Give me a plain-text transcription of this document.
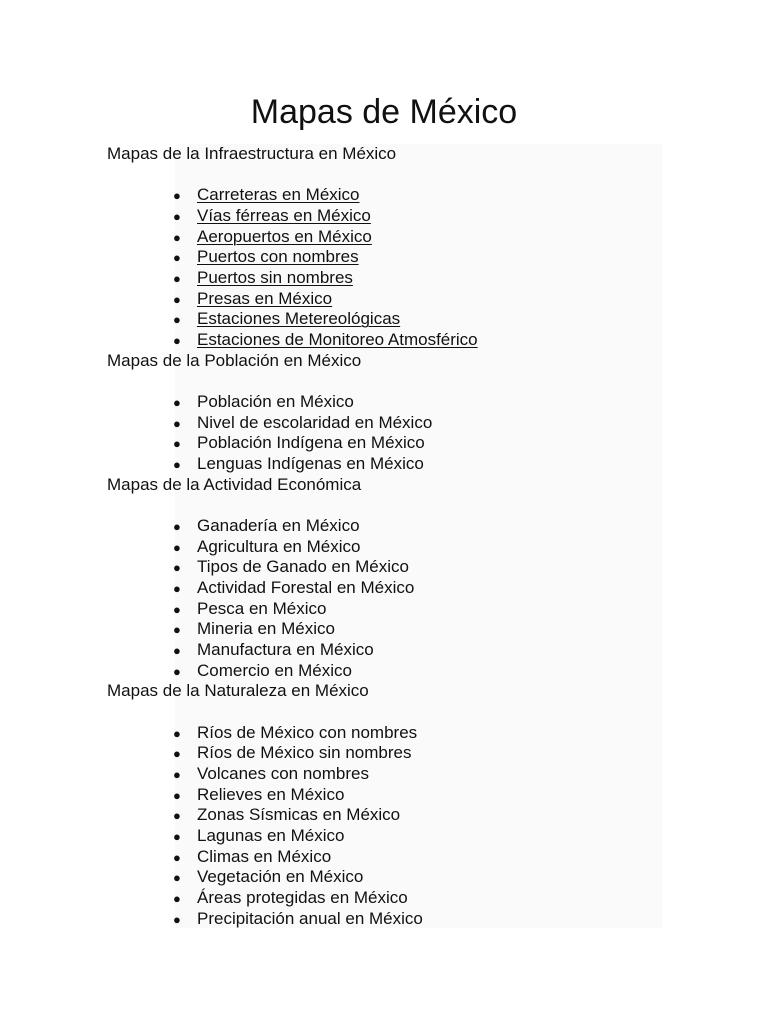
Mapas de México

Mapas de la Infraestructura en México

● Carreteras en México
● Vías férreas en México
● Aeropuertos en México
● Puertos con nombres
● Puertos sin nombres
● Presas en México
● Estaciones Metereológicas
● Estaciones de Monitoreo Atmosférico

Mapas de la Población en México

● Población en México
● Nivel de escolaridad en México
● Población Indígena en México
● Lenguas Indígenas en México

Mapas de la Actividad Económica

● Ganadería en México
● Agricultura en México
● Tipos de Ganado en México
● Actividad Forestal en México
● Pesca en México
● Mineria en México
● Manufactura en México
● Comercio en México

Mapas de la Naturaleza en México

● Ríos de México con nombres
● Ríos de México sin nombres
● Volcanes con nombres
● Relieves en México
● Zonas Sísmicas en México
● Lagunas en México
● Climas en México
● Vegetación en México
● Áreas protegidas en México
● Precipitación anual en México
